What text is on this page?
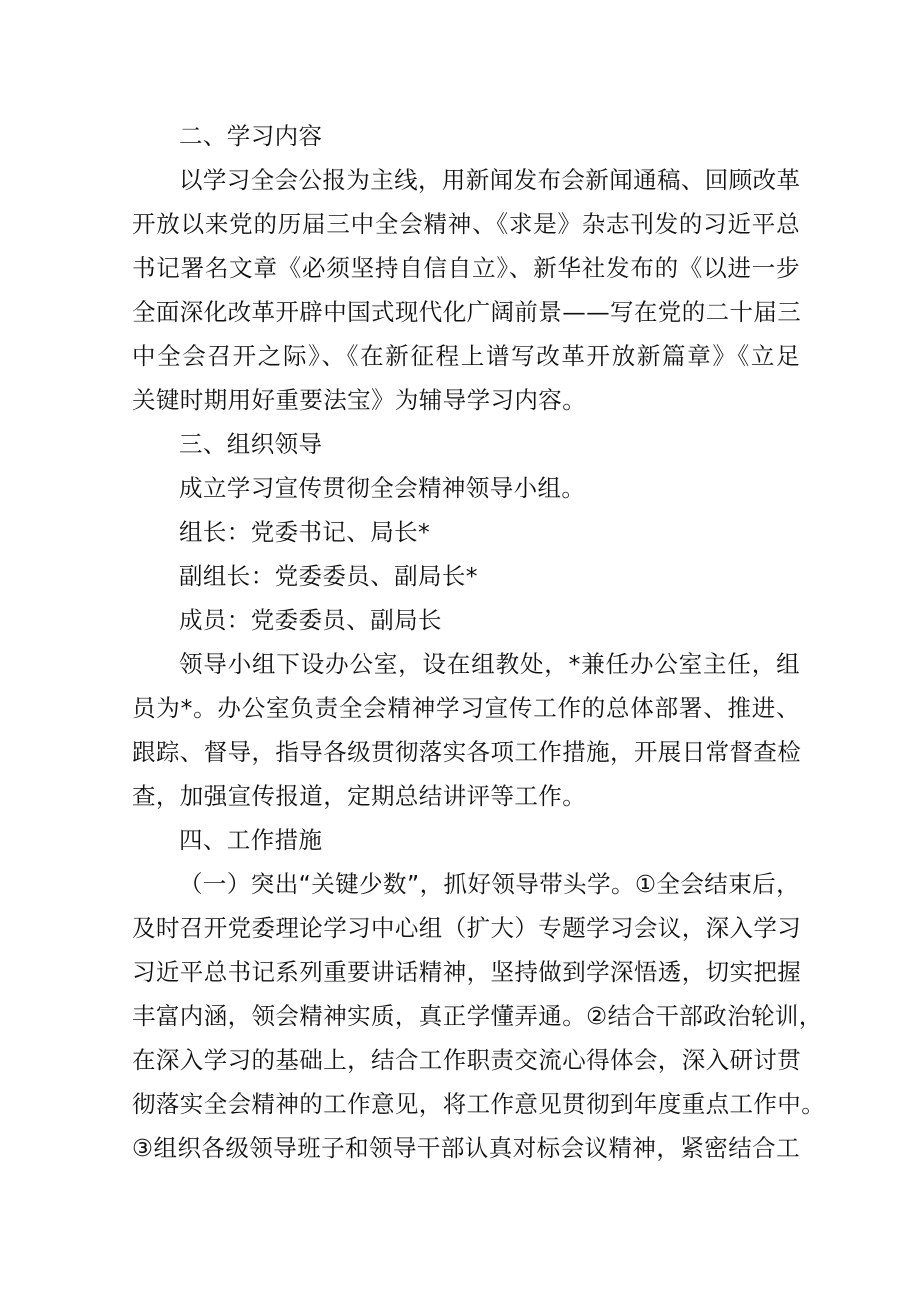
二、学习内容

以学习全会公报为主线，用新闻发布会新闻通稿、回顾改革
开放以来党的历届三中全会精神、《求是》杂志刊发的习近平总
书记署名文章《必须坚持自信自立》、新华社发布的《以进一步
全面深化改革开辟中国式现代化广阔前景——写在党的二十届三
中全会召开之际》、《在新征程上谱写改革开放新篇章》《立足
关键时期用好重要法宝》为辅导学习内容。

三、组织领导

成立学习宣传贯彻全会精神领导小组。

组长：党委书记、局长*

副组长：党委委员、副局长*

成员：党委委员、副局长

领导小组下设办公室，设在组教处，*兼任办公室主任，组
员为*。办公室负责全会精神学习宣传工作的总体部署、推进、
跟踪、督导，指导各级贯彻落实各项工作措施，开展日常督查检
查，加强宣传报道，定期总结讲评等工作。

四、工作措施

（一）突出“关键少数”，抓好领导带头学。①全会结束后，
及时召开党委理论学习中心组（扩大）专题学习会议，深入学习
习近平总书记系列重要讲话精神，坚持做到学深悟透，切实把握
丰富内涵，领会精神实质，真正学懂弄通。②结合干部政治轮训，
在深入学习的基础上，结合工作职责交流心得体会，深入研讨贯
彻落实全会精神的工作意见，将工作意见贯彻到年度重点工作中。
③组织各级领导班子和领导干部认真对标会议精神，紧密结合工
